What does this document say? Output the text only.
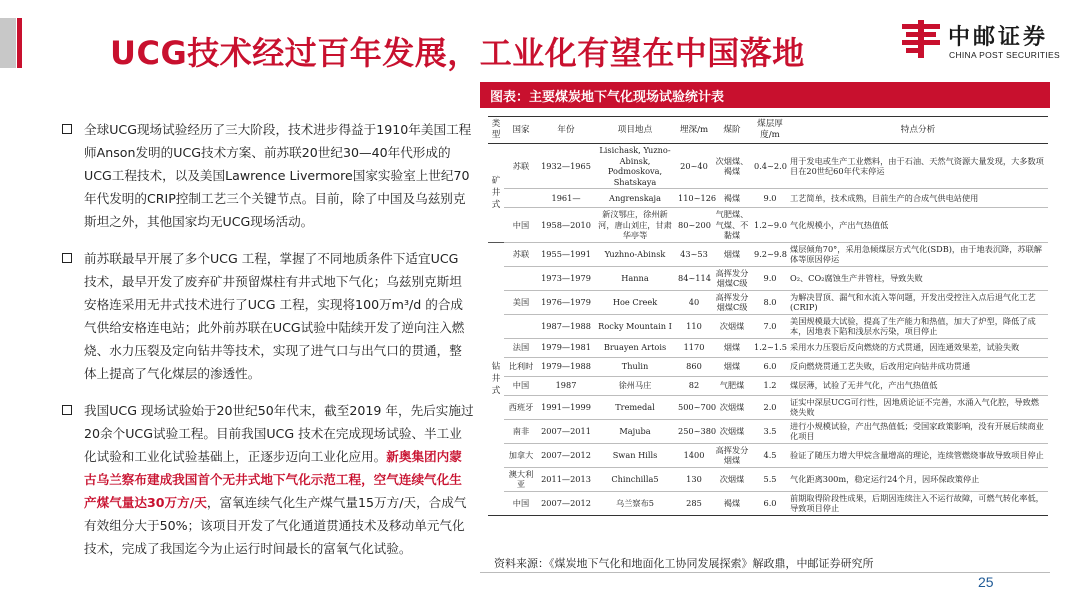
UCG技术经过百年发展，工业化有望在中国落地	中邮证券
CHINA POST SECURITIES
图表：主要煤炭地下气化现场试验统计表
全球UCG现场试验经历了三大阶段，技术进步得益于1910年美国工程师Anson发明的UCG技术方案、前苏联20世纪30—40年代形成的UCG工程技术，以及美国Lawrence Livermore国家实验室上世纪70年代发明的CRIP控制工艺三个关键节点。目前，除了中国及乌兹别克斯坦之外，其他国家均无UCG现场活动。
前苏联最早开展了多个UCG 工程，掌握了不同地质条件下适宜UCG 技术，最早开发了废弃矿井预留煤柱有井式地下气化；乌兹别克斯坦安格连采用无井式技术进行了UCG 工程，实现将100万m³/d 的合成气供给安格连电站；此外前苏联在UCG试验中陆续开发了逆向注入燃烧、水力压裂及定向钻井等技术，实现了进气口与出气口的贯通，整体上提高了气化煤层的渗透性。
我国UCG 现场试验始于20世纪50年代末，截至2019 年，先后实施过20余个UCG试验工程。目前我国UCG 技术在完成现场试验、半工业化试验和工业化试验基础上，正逐步迈向工业化应用。新奥集团内蒙古乌兰察布建成我国首个无井式地下气化示范工程，空气连续气化生产煤气量达30万方/天，富氧连续气化生产煤气量15万方/天，合成气有效组分大于50%；该项目开发了气化通道贯通技术及移动单元气化技术，完成了我国迄今为止运行时间最长的富氧气化试验。
类型	国家	年份	项目地点	埋深/m	煤阶	煤层厚度/m	特点分析
矿井式	苏联	1932—1965	Lisichask, Yuzno-Abinsk, Podmoskova, Shatskaya	20~40	次烟煤、褐煤	0.4~2.0	用于发电或生产工业燃料，由于石油、天然气资源大量发现，大多数项目在20世纪60年代末停运
		1961—	Angrenskaja	110~126	褐煤	9.0	工艺简单，技术成熟，目前生产的合成气供电站使用
	中国	1958—2010	新汶鄂庄，徐州新河，唐山刘庄，甘肃华亭等	80~200	气肥煤、气煤、不黏煤	1.2~9.0	气化规模小，产出气热值低
钻井式	苏联	1955—1991	Yuzhno-Abinsk	43~53	烟煤	9.2~9.8	煤层倾角70°，采用急倾煤层方式气化(SDB)，由于地表沉降，苏联解体等原因停运
		1973—1979	Hanna	84~114	高挥发分烟煤C级	9.0	O₂、CO₂腐蚀生产井管柱，导致失败
	美国	1976—1979	Hoe Creek	40	高挥发分烟煤C级	8.0	为解决冒顶、漏气和水流入等问题，开发出受控注入点后退气化工艺(CRIP)
		1987—1988	Rocky Mountain I	110	次烟煤	7.0	美国规模最大试验，提高了生产能力和热值，加大了炉型，降低了成本，因地表下陷和浅层水污染，项目停止
	法国	1979—1981	Bruayen Artois	1170	烟煤	1.2~1.5	采用水力压裂后反向燃烧的方式贯通，因连通效果差，试验失败
	比利时	1979—1988	Thulin	860	烟煤	6.0	反向燃烧贯通工艺失败，后改用定向钻井成功贯通
	中国	1987	徐州马庄	82	气肥煤	1.2	煤层薄，试验了无井气化，产出气热值低
	西班牙	1991—1999	Tremedal	500~700	次烟煤	2.0	证实中深层UCG可行性，因地质论证不完善，水涌入气化腔，导致燃烧失败
	南非	2007—2011	Majuba	250~380	次烟煤	3.5	进行小规模试验，产出气热值低；受国家政策影响，没有开展后续商业化项目
	加拿大	2007—2012	Swan Hills	1400	高挥发分烟煤	4.5	验证了随压力增大甲烷含量增高的理论，连续管燃烧事故导致项目停止
	澳大利亚	2011—2013	Chinchilla5	130	次烟煤	5.5	气化距离300m，稳定运行24个月，因环保政策停止
	中国	2007—2012	乌兰察布5	285	褐煤	6.0	前期取得阶段性成果，后期因连续注入不运行故障，可燃气转化率低，导致项目停止
资料来源：《煤炭地下气化和地面化工协同发展探索》解政鼎，中邮证券研究所
25
